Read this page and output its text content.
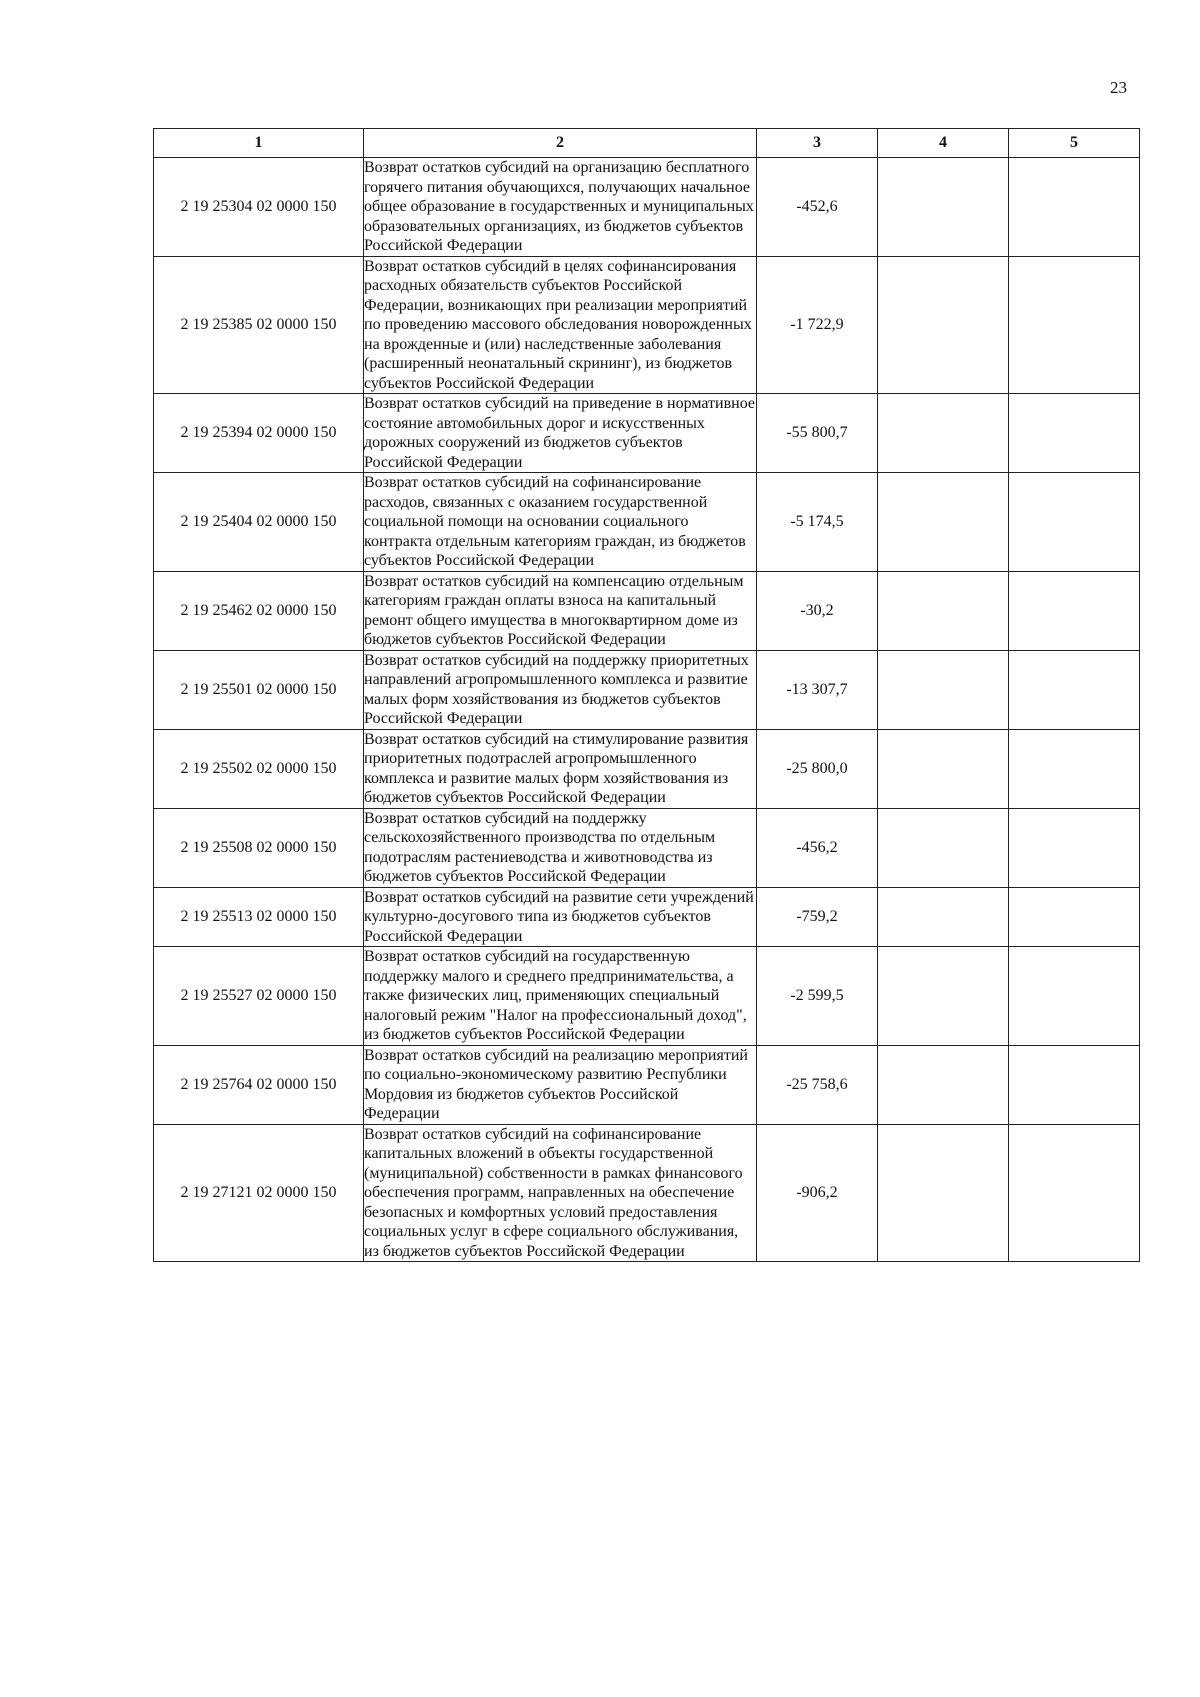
23
1	2	3	4	5
2 19 25304 02 0000 150	Возврат остатков субсидий на организацию бесплатного горячего питания обучающихся, получающих начальное общее образование в государственных и муниципальных образовательных организациях, из бюджетов субъектов Российской Федерации	-452,6		
2 19 25385 02 0000 150	Возврат остатков субсидий в целях софинансирования расходных обязательств субъектов Российской Федерации, возникающих при реализации мероприятий по проведению массового обследования новорожденных на врожденные и (или) наследственные заболевания (расширенный неонатальный скрининг), из бюджетов субъектов Российской Федерации	-1 722,9		
2 19 25394 02 0000 150	Возврат остатков субсидий на приведение в нормативное состояние автомобильных дорог и искусственных дорожных сооружений из бюджетов субъектов Российской Федерации	-55 800,7		
2 19 25404 02 0000 150	Возврат остатков субсидий на софинансирование расходов, связанных с оказанием государственной социальной помощи на основании социального контракта отдельным категориям граждан, из бюджетов субъектов Российской Федерации	-5 174,5		
2 19 25462 02 0000 150	Возврат остатков субсидий на компенсацию отдельным категориям граждан оплаты взноса на капитальный ремонт общего имущества в многоквартирном доме из бюджетов субъектов Российской Федерации	-30,2		
2 19 25501 02 0000 150	Возврат остатков субсидий на поддержку приоритетных направлений агропромышленного комплекса и развитие малых форм хозяйствования из бюджетов субъектов Российской Федерации	-13 307,7		
2 19 25502 02 0000 150	Возврат остатков субсидий на стимулирование развития приоритетных подотраслей агропромышленного комплекса и развитие малых форм хозяйствования из бюджетов субъектов Российской Федерации	-25 800,0		
2 19 25508 02 0000 150	Возврат остатков субсидий на поддержку сельскохозяйственного производства по отдельным подотраслям растениеводства и животноводства из бюджетов субъектов Российской Федерации	-456,2		
2 19 25513 02 0000 150	Возврат остатков субсидий на развитие сети учреждений культурно-досугового типа из бюджетов субъектов Российской Федерации	-759,2		
2 19 25527 02 0000 150	Возврат остатков субсидий на государственную поддержку малого и среднего предпринимательства, а также физических лиц, применяющих специальный налоговый режим "Налог на профессиональный доход", из бюджетов субъектов Российской Федерации	-2 599,5		
2 19 25764 02 0000 150	Возврат остатков субсидий на реализацию мероприятий по социально-экономическому развитию Республики Мордовия из бюджетов субъектов Российской Федерации	-25 758,6		
2 19 27121 02 0000 150	Возврат остатков субсидий на софинансирование капитальных вложений в объекты государственной (муниципальной) собственности в рамках финансового обеспечения программ, направленных на обеспечение безопасных и комфортных условий предоставления социальных услуг в сфере социального обслуживания, из бюджетов субъектов Российской Федерации	-906,2		
